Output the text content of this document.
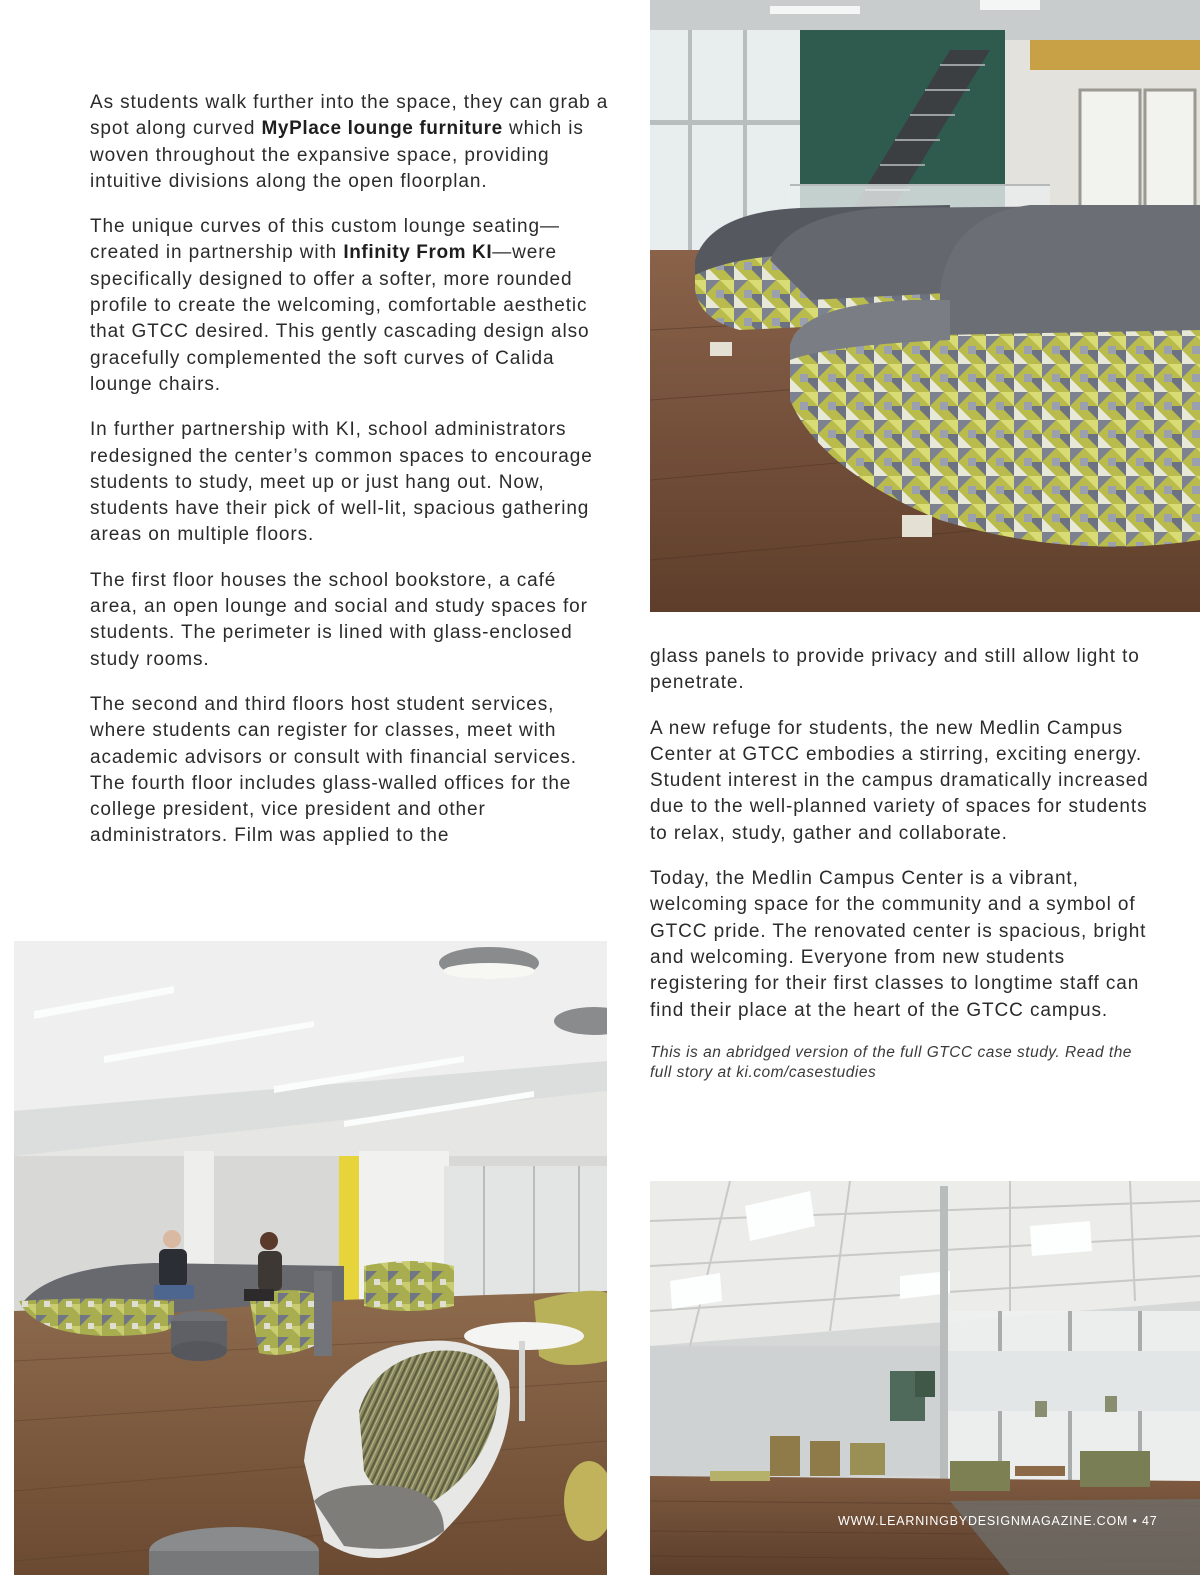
As students walk further into the space, they can grab a spot along curved MyPlace lounge furniture which is woven throughout the expansive space, providing intuitive divisions along the open floorplan.

The unique curves of this custom lounge seating—created in partnership with Infinity From KI—were specifically designed to offer a softer, more rounded profile to create the welcoming, comfortable aesthetic that GTCC desired. This gently cascading design also gracefully complemented the soft curves of Calida lounge chairs.

In further partnership with KI, school administrators redesigned the center’s common spaces to encourage students to study, meet up or just hang out. Now, students have their pick of well-lit, spacious gathering areas on multiple floors.

The first floor houses the school bookstore, a café area, an open lounge and social and study spaces for students. The perimeter is lined with glass-enclosed study rooms.

The second and third floors host student services, where students can register for classes, meet with academic advisors or consult with financial services. The fourth floor includes glass-walled offices for the college president, vice president and other administrators. Film was applied to the

glass panels to provide privacy and still allow light to penetrate.

A new refuge for students, the new Medlin Campus Center at GTCC embodies a stirring, exciting energy. Student interest in the campus dramatically increased due to the well-planned variety of spaces for students to relax, study, gather and collaborate.

Today, the Medlin Campus Center is a vibrant, welcoming space for the community and a symbol of GTCC pride. The renovated center is spacious, bright and welcoming. Everyone from new students registering for their first classes to longtime staff can find their place at the heart of the GTCC campus.

This is an abridged version of the full GTCC case study. Read the full story at ki.com/casestudies

WWW.LEARNINGBYDESIGNMAGAZINE.COM • 47
